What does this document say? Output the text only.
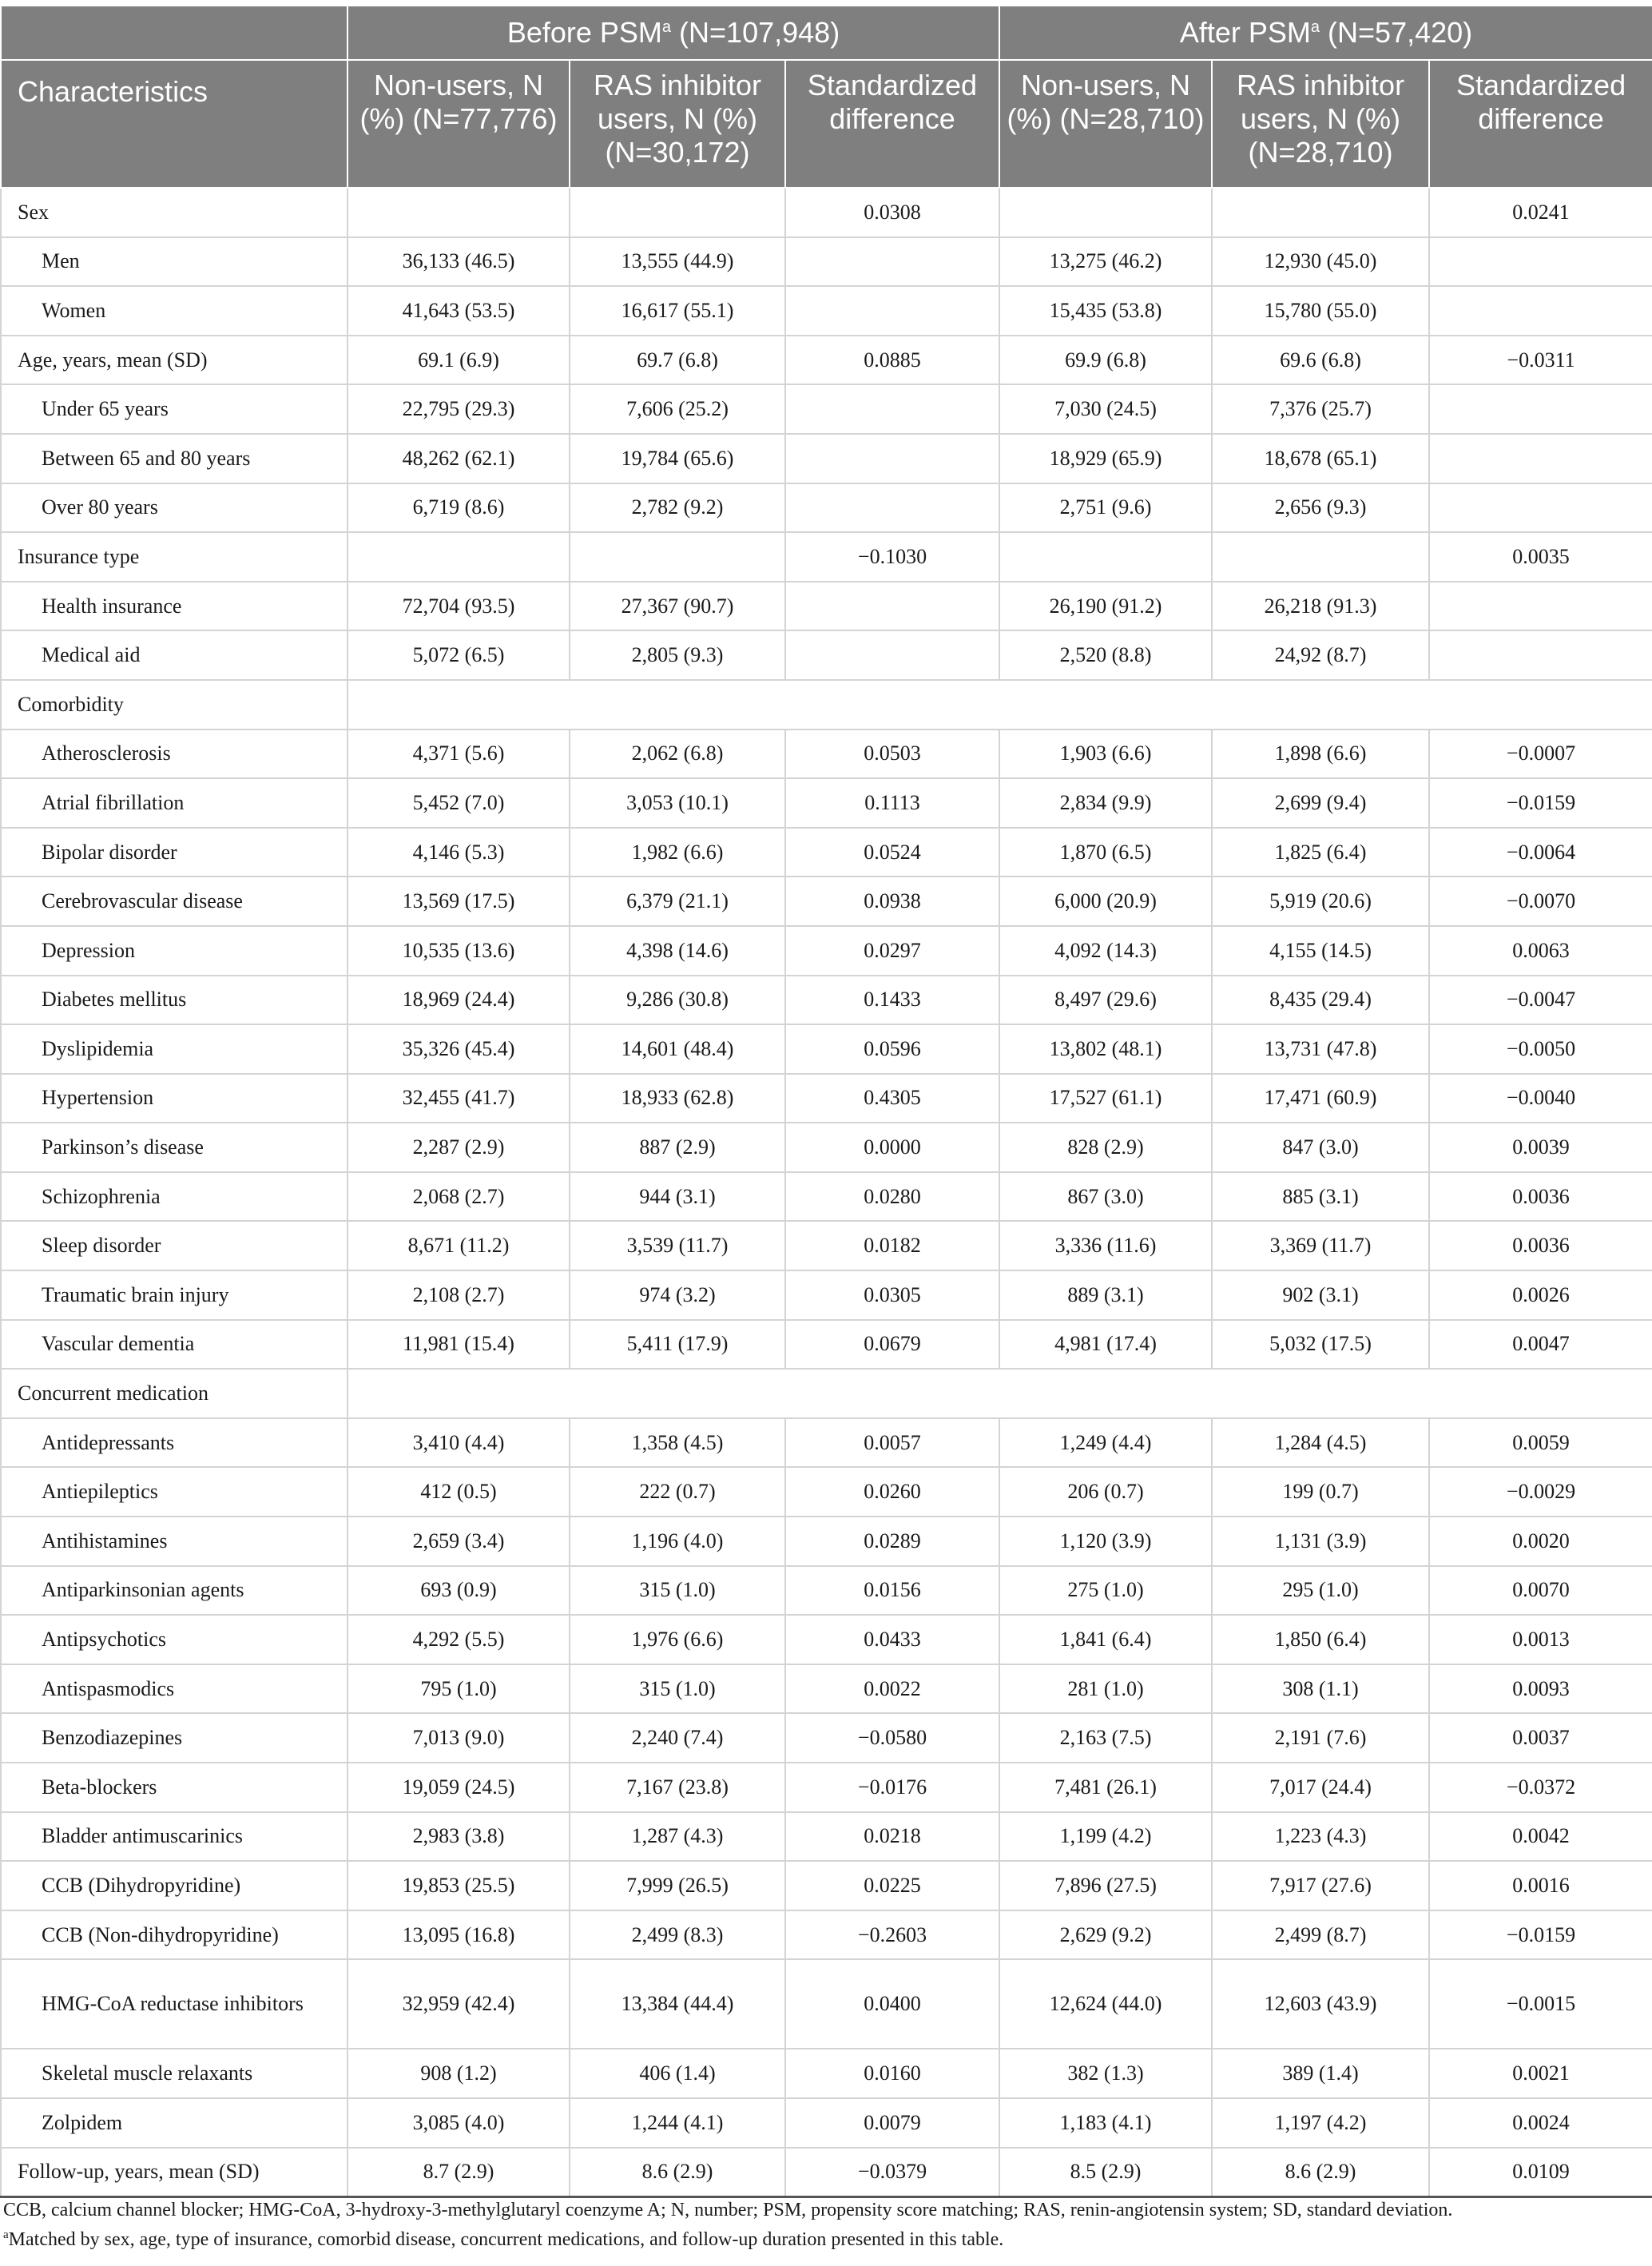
	Before PSM$^a$ (N=107,948)			After PSM$^a$ (N=57,420)		
Characteristics	Non-users, N (%) (N=77,776)	RAS inhibitor users, N (%) (N=30,172)	Standardized difference	Non-users, N (%) (N=28,710)	RAS inhibitor users, N (%) (N=28,710)	Standardized difference
Sex			0.0308			0.0241
Men	36,133 (46.5)	13,555 (44.9)		13,275 (46.2)	12,930 (45.0)	
Women	41,643 (53.5)	16,617 (55.1)		15,435 (53.8)	15,780 (55.0)	
Age, years, mean (SD)	69.1 (6.9)	69.7 (6.8)	0.0885	69.9 (6.8)	69.6 (6.8)	−0.0311
Under 65 years	22,795 (29.3)	7,606 (25.2)		7,030 (24.5)	7,376 (25.7)	
Between 65 and 80 years	48,262 (62.1)	19,784 (65.6)		18,929 (65.9)	18,678 (65.1)	
Over 80 years	6,719 (8.6)	2,782 (9.2)		2,751 (9.6)	2,656 (9.3)	
Insurance type			−0.1030			0.0035
Health insurance	72,704 (93.5)	27,367 (90.7)		26,190 (91.2)	26,218 (91.3)	
Medical aid	5,072 (6.5)	2,805 (9.3)		2,520 (8.8)	24,92 (8.7)	
Comorbidity						
Atherosclerosis	4,371 (5.6)	2,062 (6.8)	0.0503	1,903 (6.6)	1,898 (6.6)	−0.0007
Atrial fibrillation	5,452 (7.0)	3,053 (10.1)	0.1113	2,834 (9.9)	2,699 (9.4)	−0.0159
Bipolar disorder	4,146 (5.3)	1,982 (6.6)	0.0524	1,870 (6.5)	1,825 (6.4)	−0.0064
Cerebrovascular disease	13,569 (17.5)	6,379 (21.1)	0.0938	6,000 (20.9)	5,919 (20.6)	−0.0070
Depression	10,535 (13.6)	4,398 (14.6)	0.0297	4,092 (14.3)	4,155 (14.5)	0.0063
Diabetes mellitus	18,969 (24.4)	9,286 (30.8)	0.1433	8,497 (29.6)	8,435 (29.4)	−0.0047
Dyslipidemia	35,326 (45.4)	14,601 (48.4)	0.0596	13,802 (48.1)	13,731 (47.8)	−0.0050
Hypertension	32,455 (41.7)	18,933 (62.8)	0.4305	17,527 (61.1)	17,471 (60.9)	−0.0040
Parkinson’s disease	2,287 (2.9)	887 (2.9)	0.0000	828 (2.9)	847 (3.0)	0.0039
Schizophrenia	2,068 (2.7)	944 (3.1)	0.0280	867 (3.0)	885 (3.1)	0.0036
Sleep disorder	8,671 (11.2)	3,539 (11.7)	0.0182	3,336 (11.6)	3,369 (11.7)	0.0036
Traumatic brain injury	2,108 (2.7)	974 (3.2)	0.0305	889 (3.1)	902 (3.1)	0.0026
Vascular dementia	11,981 (15.4)	5,411 (17.9)	0.0679	4,981 (17.4)	5,032 (17.5)	0.0047
Concurrent medication						
Antidepressants	3,410 (4.4)	1,358 (4.5)	0.0057	1,249 (4.4)	1,284 (4.5)	0.0059
Antiepileptics	412 (0.5)	222 (0.7)	0.0260	206 (0.7)	199 (0.7)	−0.0029
Antihistamines	2,659 (3.4)	1,196 (4.0)	0.0289	1,120 (3.9)	1,131 (3.9)	0.0020
Antiparkinsonian agents	693 (0.9)	315 (1.0)	0.0156	275 (1.0)	295 (1.0)	0.0070
Antipsychotics	4,292 (5.5)	1,976 (6.6)	0.0433	1,841 (6.4)	1,850 (6.4)	0.0013
Antispasmodics	795 (1.0)	315 (1.0)	0.0022	281 (1.0)	308 (1.1)	0.0093
Benzodiazepines	7,013 (9.0)	2,240 (7.4)	−0.0580	2,163 (7.5)	2,191 (7.6)	0.0037
Beta-blockers	19,059 (24.5)	7,167 (23.8)	−0.0176	7,481 (26.1)	7,017 (24.4)	−0.0372
Bladder antimuscarinics	2,983 (3.8)	1,287 (4.3)	0.0218	1,199 (4.2)	1,223 (4.3)	0.0042
CCB (Dihydropyridine)	19,853 (25.5)	7,999 (26.5)	0.0225	7,896 (27.5)	7,917 (27.6)	0.0016
CCB (Non-dihydropyridine)	13,095 (16.8)	2,499 (8.3)	−0.2603	2,629 (9.2)	2,499 (8.7)	−0.0159
HMG-CoA reductase inhibitors	32,959 (42.4)	13,384 (44.4)	0.0400	12,624 (44.0)	12,603 (43.9)	−0.0015
Skeletal muscle relaxants	908 (1.2)	406 (1.4)	0.0160	382 (1.3)	389 (1.4)	0.0021
Zolpidem	3,085 (4.0)	1,244 (4.1)	0.0079	1,183 (4.1)	1,197 (4.2)	0.0024
Follow-up, years, mean (SD)	8.7 (2.9)	8.6 (2.9)	−0.0379	8.5 (2.9)	8.6 (2.9)	0.0109
CCB, calcium channel blocker; HMG-CoA, 3-hydroxy-3-methylglutaryl coenzyme A; N, number; PSM, propensity score matching; RAS, renin-angiotensin system; SD, standard deviation.
$^a$Matched by sex, age, type of insurance, comorbid disease, concurrent medications, and follow-up duration presented in this table.
